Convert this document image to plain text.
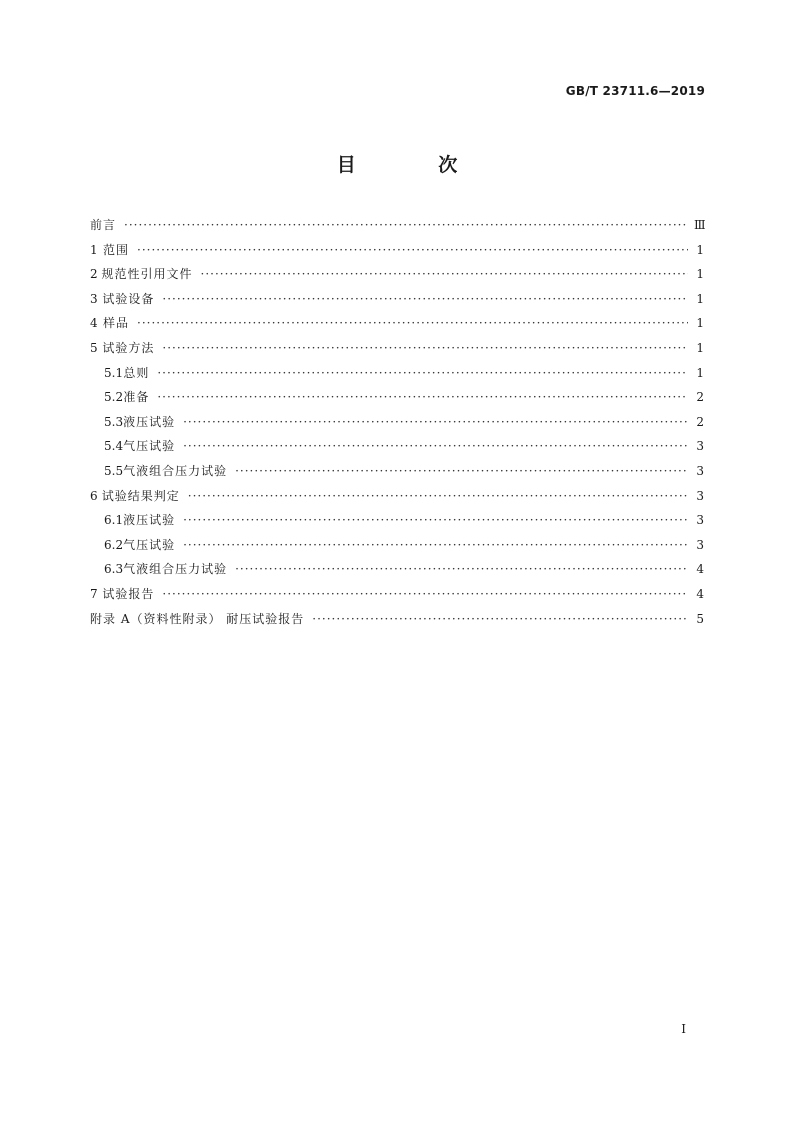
GB/T 23711.6—2019
目 次
前言 ·····	Ⅲ
1 范围 ·····	1
2 规范性引用文件 ·····	1
3 试验设备 ·····	1
4 样品 ·····	1
5 试验方法 ·····	1
5.1 总则 ·····	1
5.2 准备 ·····	2
5.3 液压试验 ·····	2
5.4 气压试验 ·····	3
5.5 气液组合压力试验 ·····	3
6 试验结果判定 ·····	3
6.1 液压试验 ·····	3
6.2 气压试验 ·····	3
6.3 气液组合压力试验 ·····	4
7 试验报告 ·····	4
附录 A（资料性附录） 耐压试验报告 ·····	5
Ⅰ
